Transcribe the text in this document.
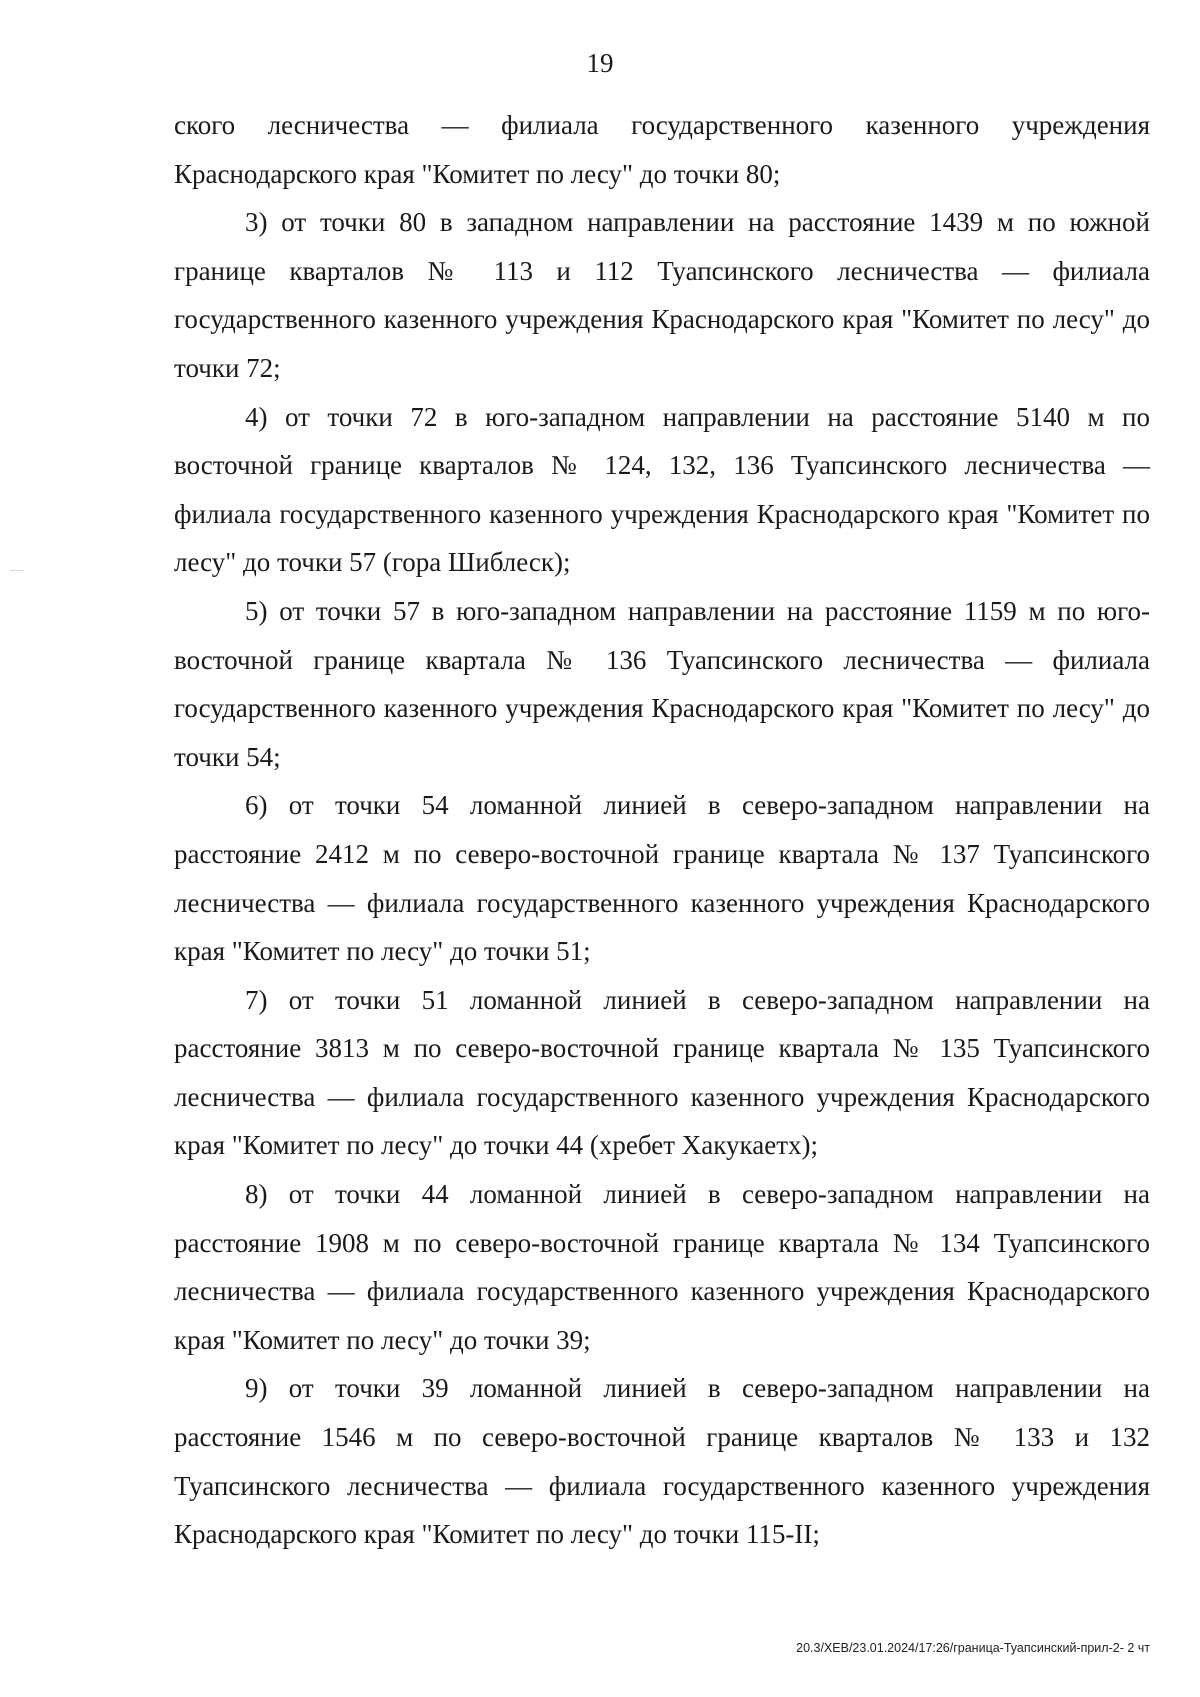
19

ского лесничества — филиала государственного казенного учреждения Краснодарского края "Комитет по лесу" до точки 80;

3) от точки 80 в западном направлении на расстояние 1439 м по южной границе кварталов № 113 и 112 Туапсинского лесничества — филиала государственного казенного учреждения Краснодарского края "Комитет по лесу" до точки 72;

4) от точки 72 в юго-западном направлении на расстояние 5140 м по восточной границе кварталов № 124, 132, 136 Туапсинского лесничества — филиала государственного казенного учреждения Краснодарского края "Комитет по лесу" до точки 57 (гора Шиблеск);

5) от точки 57 в юго-западном направлении на расстояние 1159 м по юго-восточной границе квартала № 136 Туапсинского лесничества — филиала государственного казенного учреждения Краснодарского края "Комитет по лесу" до точки 54;

6) от точки 54 ломанной линией в северо-западном направлении на расстояние 2412 м по северо-восточной границе квартала № 137 Туапсинского лесничества — филиала государственного казенного учреждения Краснодарского края "Комитет по лесу" до точки 51;

7) от точки 51 ломанной линией в северо-западном направлении на расстояние 3813 м по северо-восточной границе квартала № 135 Туапсинского лесничества — филиала государственного казенного учреждения Краснодарского края "Комитет по лесу" до точки 44 (хребет Хакукаетх);

8) от точки 44 ломанной линией в северо-западном направлении на расстояние 1908 м по северо-восточной границе квартала № 134 Туапсинского лесничества — филиала государственного казенного учреждения Краснодарского края "Комитет по лесу" до точки 39;

9) от точки 39 ломанной линией в северо-западном направлении на расстояние 1546 м по северо-восточной границе кварталов № 133 и 132 Туапсинского лесничества — филиала государственного казенного учреждения Краснодарского края "Комитет по лесу" до точки 115-II;

20.3/ХЕВ/23.01.2024/17:26/граница-Туапсинский-прил-2- 2 чт
